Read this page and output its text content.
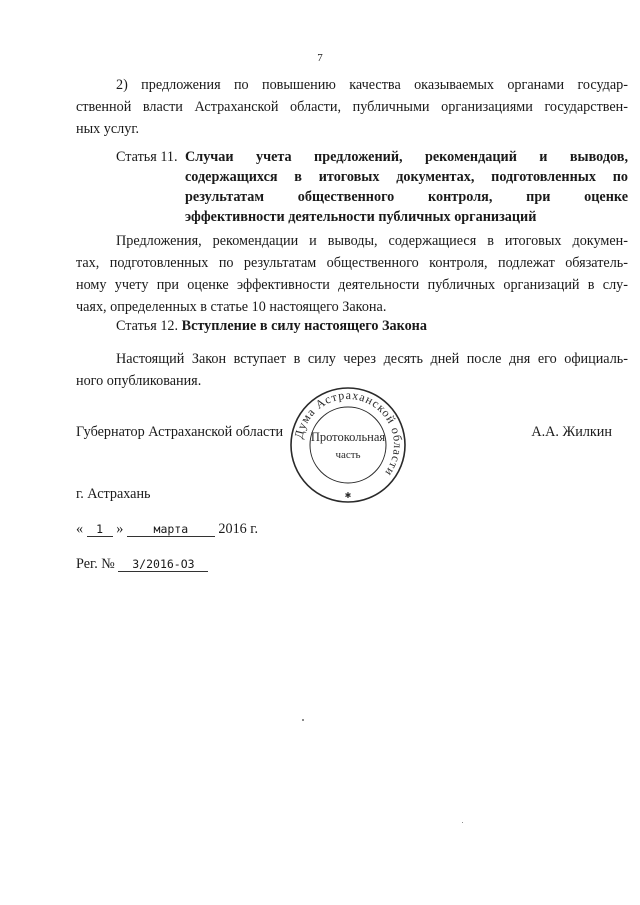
7
2) предложения по повышению качества оказываемых органами государ-
ственной власти Астраханской области, публичными организациями государствен-
ных услуг.
Статья 11. Случаи учета предложений, рекомендаций и выводов,
содержащихся в итоговых документах, подготовленных по
результатам общественного контроля, при оценке
эффективности деятельности публичных организаций
Предложения, рекомендации и выводы, содержащиеся в итоговых докумен-
тах, подготовленных по результатам общественного контроля, подлежат обязатель-
ному учету при оценке эффективности деятельности публичных организаций в слу-
чаях, определенных в статье 10 настоящего Закона.
Статья 12. Вступление в силу настоящего Закона
Настоящий Закон вступает в силу через десять дней после дня его официаль-
ного опубликования.
Губернатор Астраханской области	А.А. Жилкин
Дума Астраханской области
Протокольная
часть
✱
г. Астрахань
« 1 »	марта 2016 г.
Рег. № 3/2016-ОЗ
